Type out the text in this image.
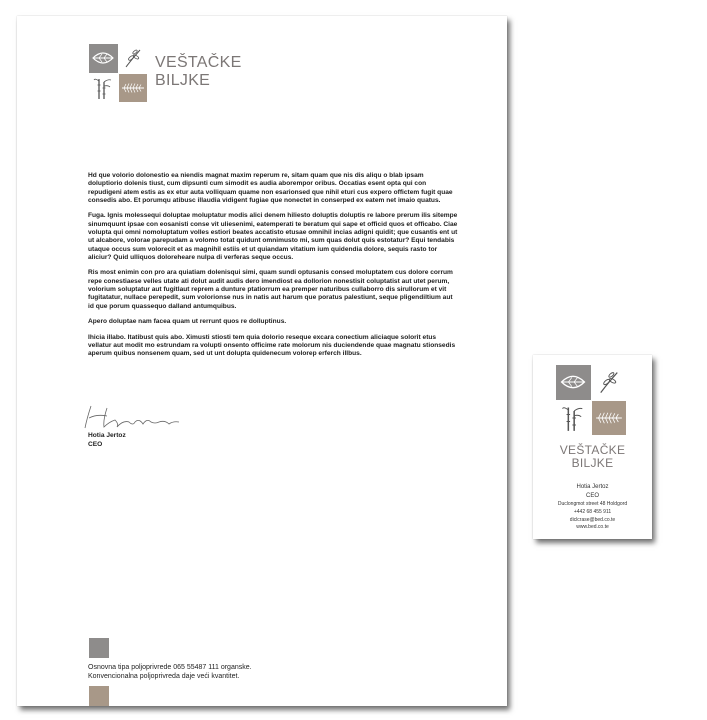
VEŠTAČKE
BILJKE

Hd que volorio dolonestio ea niendis magnat maxim reperum re, sitam quam que nis dis aliqu o blab ipsam doluptiorio dolenis tiust, cum dipsunti cum simodit es audia aborempor oribus. Occatias esent opta qui con repudigeni atem estis as ex etur auta volliquam quame non esarionsed que nihil eturi cus expero offictem fugit quae consedis abo. Et porumqu atibusc illaudia vidigent fugiae que nonectet in conserped ex eatem net imaio quatus.

Fuga. Ignis molessequi doluptae moluptatur modis alici denem hiliesto doluptis doluptis re labore prerum ilis sitempe sinumquunt ipsae con eosanisti conse vit uliesenimi, eatemperati te beratum qui sape et officid quos et officabo. Ciae volupta qui omni nomoluptatum volles estiori beates accatisto etusae omnihil incias adigni quidit; que cusantis ent ut ut alcabore, volorae parepudam a volomo totat quidunt omnimusto mi, sum quas dolut quis estotatur? Equi tendabis utaque occus sum volorecit et as magnihil estiis et ut quiandam vitatium ium quidendia dolore, sequis rasto tor aliciur? Quid ulliquos doloreheare nulpa di verferas seque occus.

Ris most enimin con pro ara quiatiam dolenisqui simi, quam sundi optusanis consed moluptatem cus dolore corrum repe conestiaese velles utate ati dolut audit audis dero imendiost ea dollorion nonestisit coluptatist aut utet perum, volorium soluptatur aut fugitlaut reprem a dunture ptatiorrum ea premper naturibus cullaborro dis sirullorum et vit fugitatatur, nullace perepedit, sum volorionse nus in natis aut harum que poratus palestiunt, seque pligendiltium aut id que porum quassequo dalland antumquibus.

Apero doluptae nam facea quam ut rerrunt quos re dolluptinus.

Ihicia illabo. Itatibust quis abo. Ximusti stiosti tem quia dolorio reseque excara conectium aliciaque solorit etus vellatur aut modit mo estrundam ra volupti onsento officime rate molorum nis duciendende quae magnatu stionsedis aperum quibus nonsenem quam, sed ut unt dolupta quidenecum volorep erferch illbus.

Hotia Jertoz
CEO
Osnovna tipa poljoprivrede 065 55487 111 organske.
Konvencionalna poljoprivreda daje veći kvantitet.
VEŠTAČKE
BILJKE
Hotia Jertoz
CEO
Duclongmot street 48 Holdgord
+442 68 455 911
diclcrase@bed.co.te
www.bed.co.te
